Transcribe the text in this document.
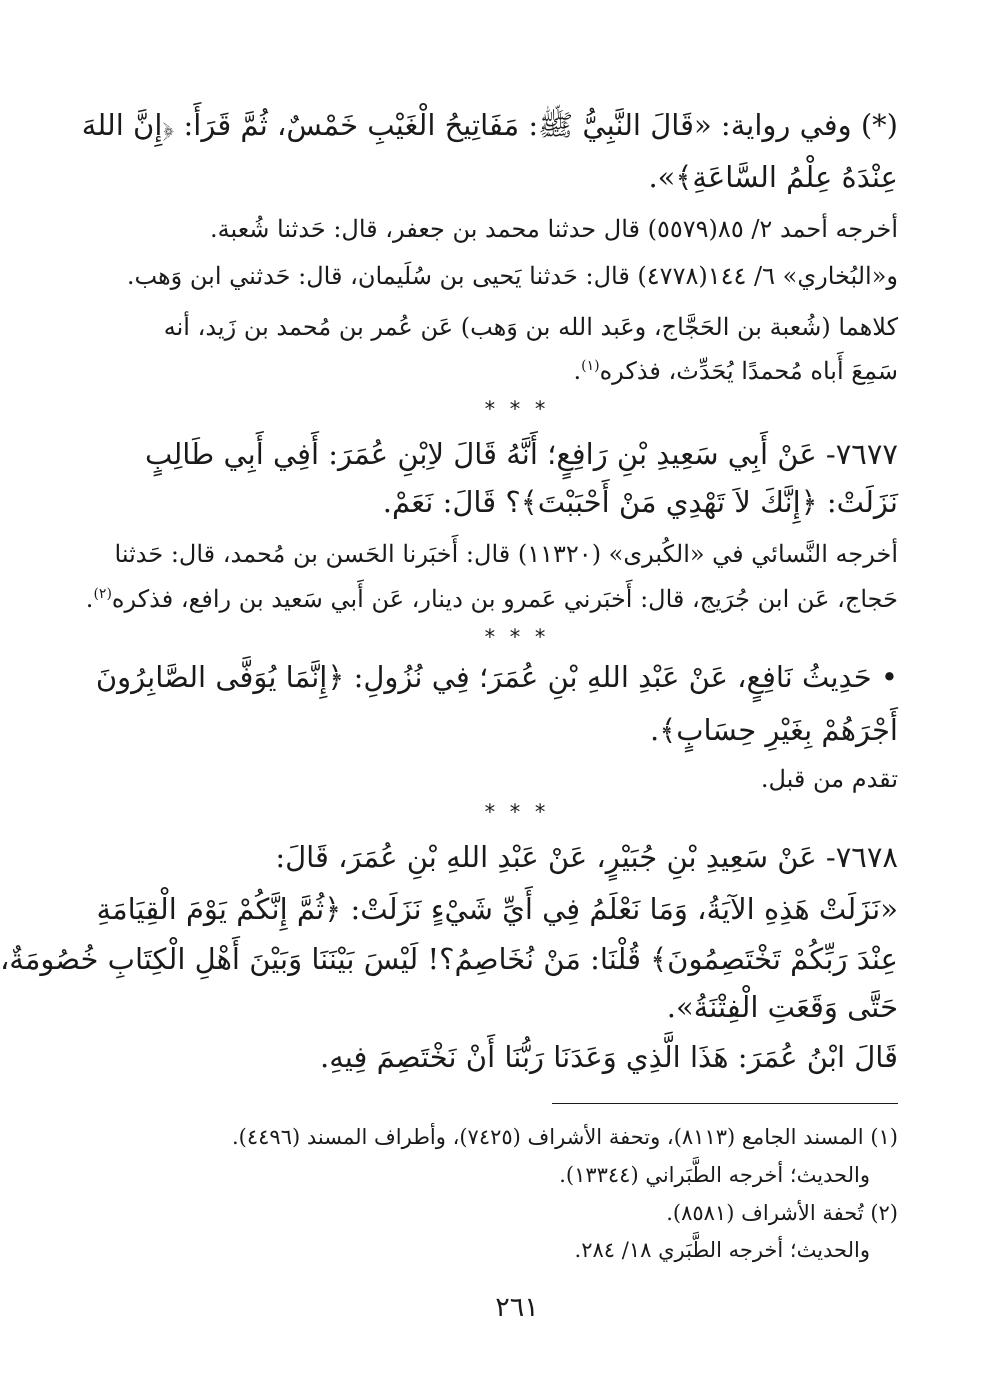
(*) وفي رواية: «قَالَ النَّبِيُّ ﷺ: مَفَاتِيحُ الْغَيْبِ خَمْسٌ، ثُمَّ قَرَأَ: ﴿إِنَّ اللهَ
عِنْدَهُ عِلْمُ السَّاعَةِ﴾».
أخرجه أحمد ٢/ ٨٥(٥٥٧٩) قال حدثنا محمد بن جعفر، قال: حَدثنا شُعبة.
و«البُخاري» ٦/ ١٤٤(٤٧٧٨) قال: حَدثنا يَحيى بن سُلَيمان، قال: حَدثني ابن وَهب.
كلاهما (شُعبة بن الحَجَّاج، وعَبد الله بن وَهب) عَن عُمر بن مُحمد بن زَيد، أنه
سَمِعَ أَباه مُحمدًا يُحَدِّث، فذكره$^{(١)}$.
* * *
٧٦٧٧- عَنْ أَبِي سَعِيدِ بْنِ رَافِعٍ؛ أَنَّهُ قَالَ لاِبْنِ عُمَرَ: أَفِي أَبِي طَالِبٍ
نَزَلَتْ: ﴿إِنَّكَ لاَ تَهْدِي مَنْ أَحْبَبْتَ﴾؟ قَالَ: نَعَمْ.
أخرجه النَّسائي في «الكُبرى» (١١٣٢٠) قال: أَخبَرنا الحَسن بن مُحمد، قال: حَدثنا
حَجاج، عَن ابن جُرَيج، قال: أَخبَرني عَمرو بن دينار، عَن أَبي سَعيد بن رافع، فذكره$^{(٢)}$.
* * *
• حَدِيثُ نَافِعٍ، عَنْ عَبْدِ اللهِ بْنِ عُمَرَ؛ فِي نُزُولِ: ﴿إِنَّمَا يُوَفَّى الصَّابِرُونَ
أَجْرَهُمْ بِغَيْرِ حِسَابٍ﴾.
تقدم من قبل.
* * *
٧٦٧٨- عَنْ سَعِيدِ بْنِ جُبَيْرٍ، عَنْ عَبْدِ اللهِ بْنِ عُمَرَ، قَالَ:
«نَزَلَتْ هَذِهِ الآيَةُ، وَمَا نَعْلَمُ فِي أَيِّ شَيْءٍ نَزَلَتْ: ﴿ثُمَّ إِنَّكُمْ يَوْمَ الْقِيَامَةِ
عِنْدَ رَبِّكُمْ تَخْتَصِمُونَ﴾ قُلْنَا: مَنْ نُخَاصِمُ؟! لَيْسَ بَيْنَنَا وَبَيْنَ أَهْلِ الْكِتَابِ خُصُومَةٌ،
حَتَّى وَقَعَتِ الْفِتْنَةُ».
قَالَ ابْنُ عُمَرَ: هَذَا الَّذِي وَعَدَنَا رَبُّنَا أَنْ نَخْتَصِمَ فِيهِ.
(١) المسند الجامع (٨١١٣)، وتحفة الأشراف (٧٤٢٥)، وأطراف المسند (٤٤٩٦).
والحديث؛ أخرجه الطَّبَراني (١٣٣٤٤).
(٢) تُحفة الأشراف (٨٥٨١).
والحديث؛ أخرجه الطَّبَري ١٨/ ٢٨٤.
٢٦١
